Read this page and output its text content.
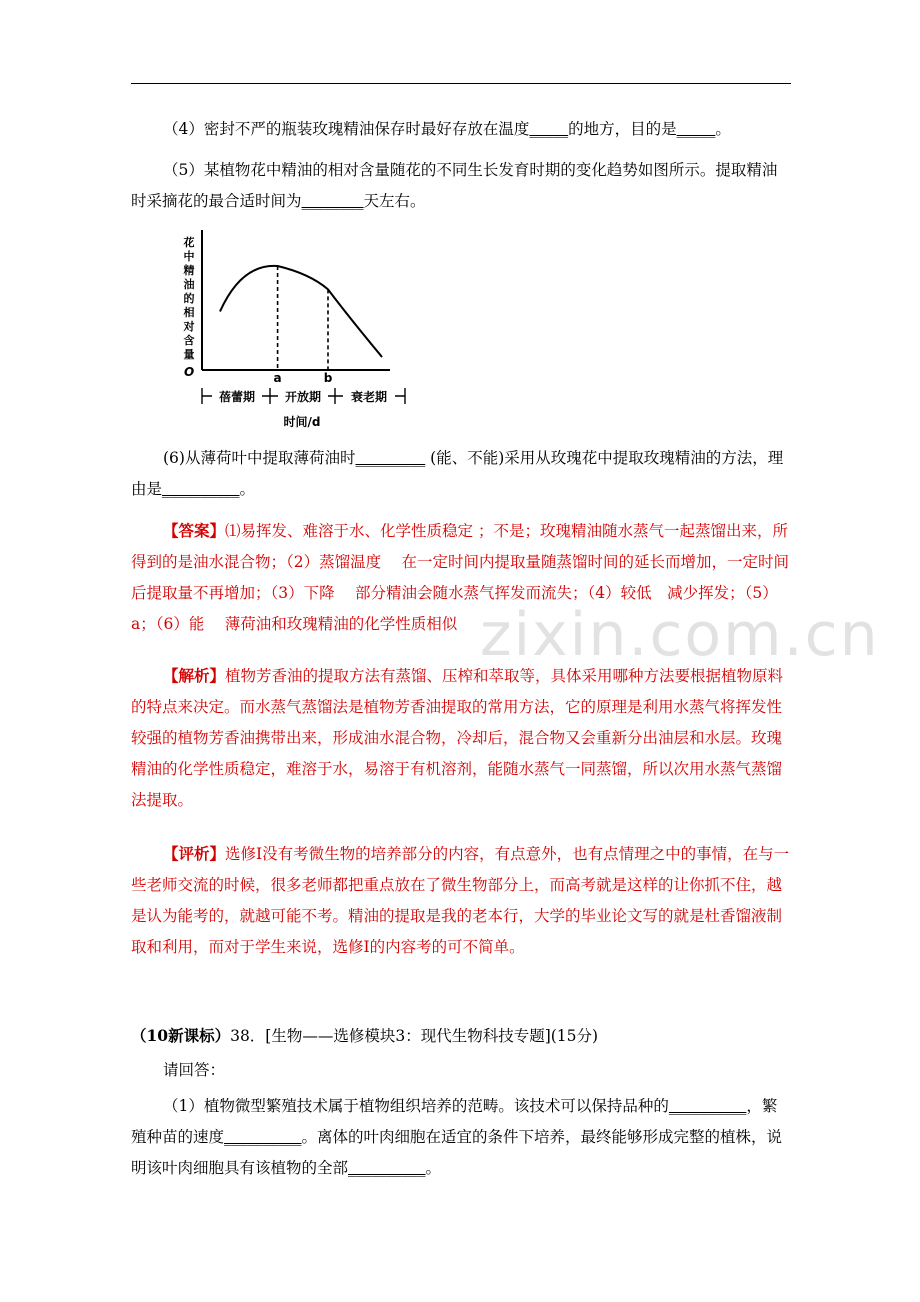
（4）密封不严的瓶装玫瑰精油保存时最好存放在温度_____的地方，目的是_____。
（5）某植物花中精油的相对含量随花的不同生长发育时期的变化趋势如图所示。提取精油时采摘花的最合适时间为________天左右。
花中精油的相对含量
O	a	b
蓓蕾期 开放期 衰老期
时间/d
(6)从薄荷叶中提取薄荷油时_________ (能、不能)采用从玫瑰花中提取玫瑰精油的方法，理由是__________。
【答案】⑴易挥发、难溶于水、化学性质稳定 ；不是；玫瑰精油随水蒸气一起蒸馏出来，所得到的是油水混合物；（2）蒸馏温度　 在一定时间内提取量随蒸馏时间的延长而增加，一定时间后提取量不再增加；（3）下降　 部分精油会随水蒸气挥发而流失；（4）较低　减少挥发；（5）a；（6）能　 薄荷油和玫瑰精油的化学性质相似
【解析】植物芳香油的提取方法有蒸馏、压榨和萃取等，具体采用哪种方法要根据植物原料的特点来决定。而水蒸气蒸馏法是植物芳香油提取的常用方法，它的原理是利用水蒸气将挥发性较强的植物芳香油携带出来，形成油水混合物，冷却后，混合物又会重新分出油层和水层。玫瑰精油的化学性质稳定，难溶于水，易溶于有机溶剂，能随水蒸气一同蒸馏，所以次用水蒸气蒸馏法提取。
【评析】选修Ⅰ没有考微生物的培养部分的内容，有点意外，也有点情理之中的事情，在与一些老师交流的时候，很多老师都把重点放在了微生物部分上，而高考就是这样的让你抓不住，越是认为能考的，就越可能不考。精油的提取是我的老本行，大学的毕业论文写的就是杜香馏液制取和利用，而对于学生来说，选修Ⅰ的内容考的可不简单。
（10新课标）38．[生物——选修模块3：现代生物科技专题](15分)
请回答：
（1）植物微型繁殖技术属于植物组织培养的范畴。该技术可以保持品种的__________，繁殖种苗的速度__________。离体的叶肉细胞在适宜的条件下培养，最终能够形成完整的植株，说明该叶肉细胞具有该植物的全部__________。
zixin.com.cn
